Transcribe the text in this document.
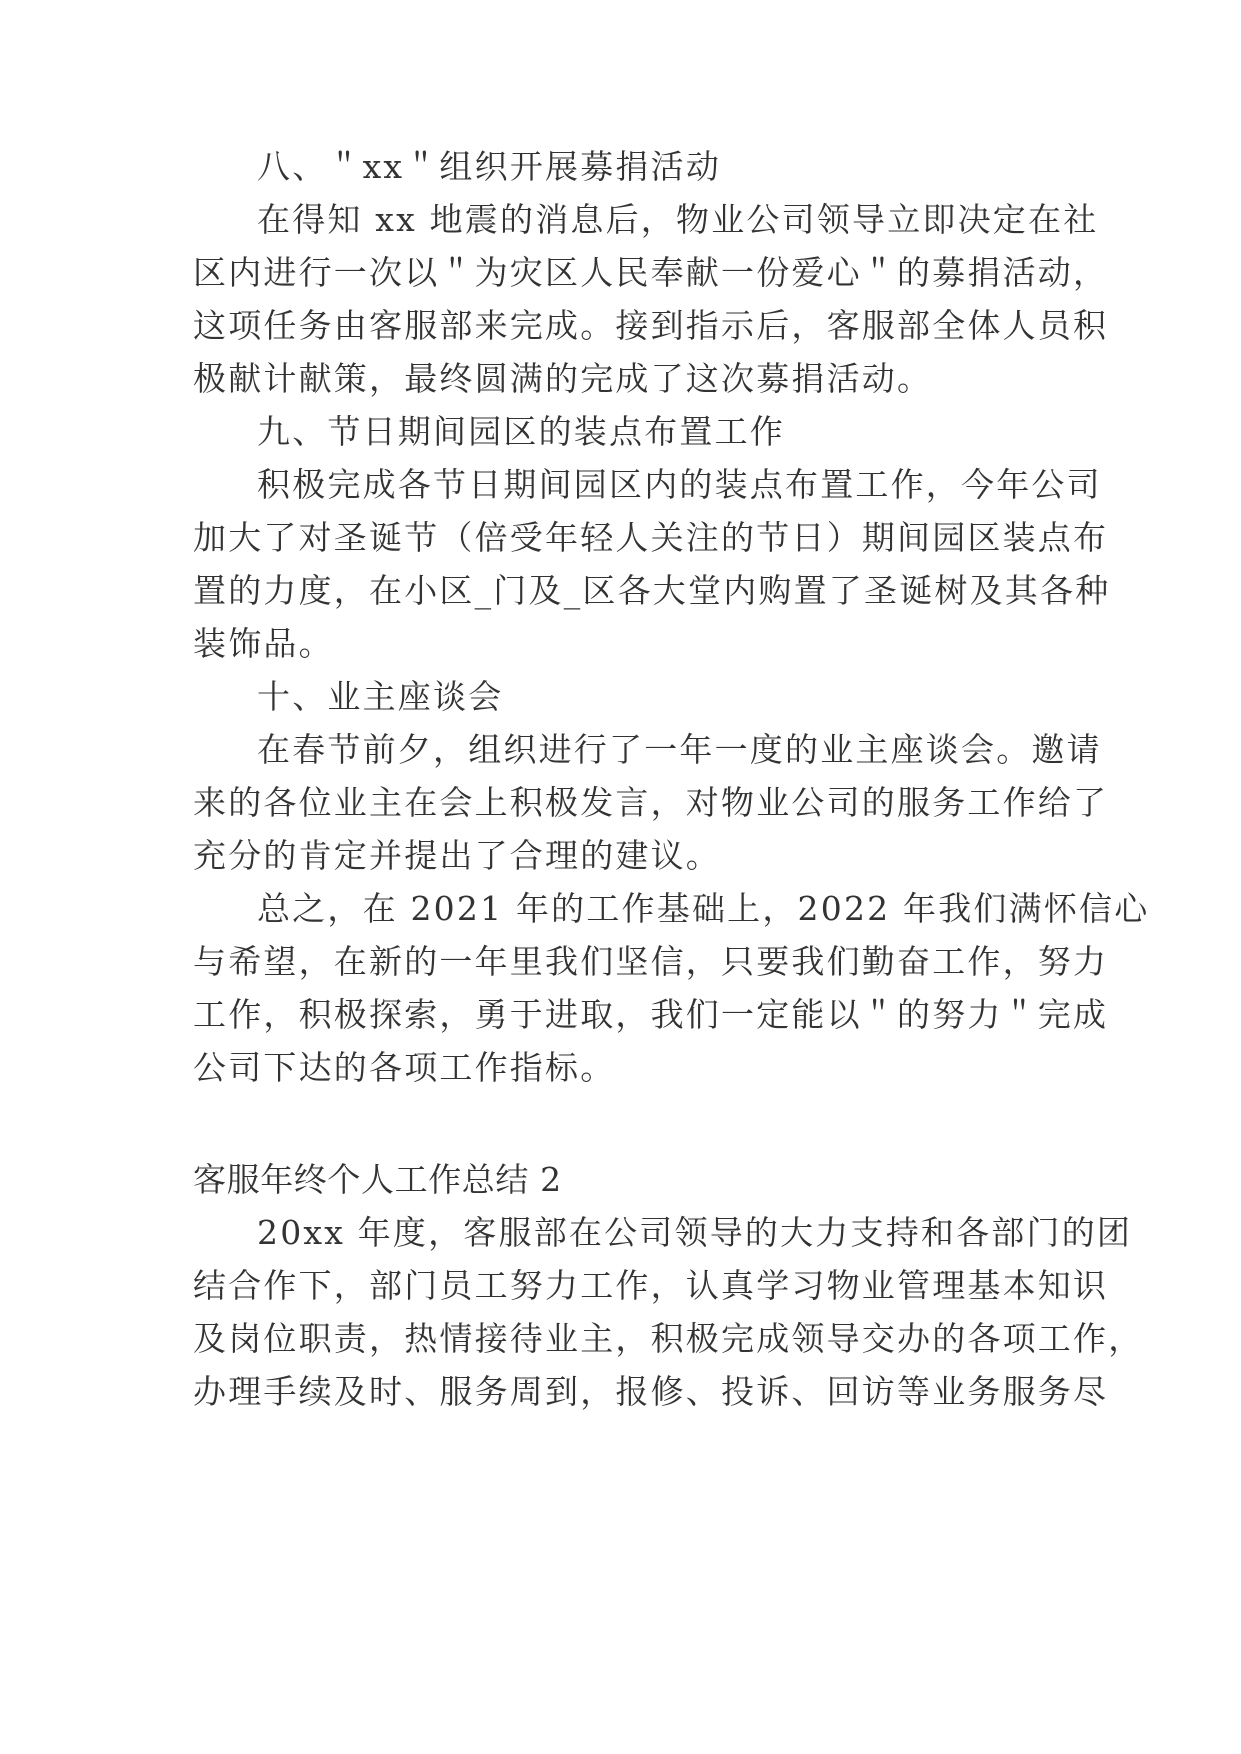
八、＂xx＂组织开展募捐活动
在得知 xx 地震的消息后，物业公司领导立即决定在社
区内进行一次以＂为灾区人民奉献一份爱心＂的募捐活动，
这项任务由客服部来完成。接到指示后，客服部全体人员积
极献计献策，最终圆满的完成了这次募捐活动。
九、节日期间园区的装点布置工作
积极完成各节日期间园区内的装点布置工作，今年公司
加大了对圣诞节（倍受年轻人关注的节日）期间园区装点布
置的力度，在小区_门及_区各大堂内购置了圣诞树及其各种
装饰品。
十、业主座谈会
在春节前夕，组织进行了一年一度的业主座谈会。邀请
来的各位业主在会上积极发言，对物业公司的服务工作给了
充分的肯定并提出了合理的建议。
总之，在 2021 年的工作基础上，2022 年我们满怀信心
与希望，在新的一年里我们坚信，只要我们勤奋工作，努力
工作，积极探索，勇于进取，我们一定能以＂的努力＂完成
公司下达的各项工作指标。
客服年终个人工作总结 2
20xx 年度，客服部在公司领导的大力支持和各部门的团
结合作下，部门员工努力工作，认真学习物业管理基本知识
及岗位职责，热情接待业主，积极完成领导交办的各项工作，
办理手续及时、服务周到，报修、投诉、回访等业务服务尽
